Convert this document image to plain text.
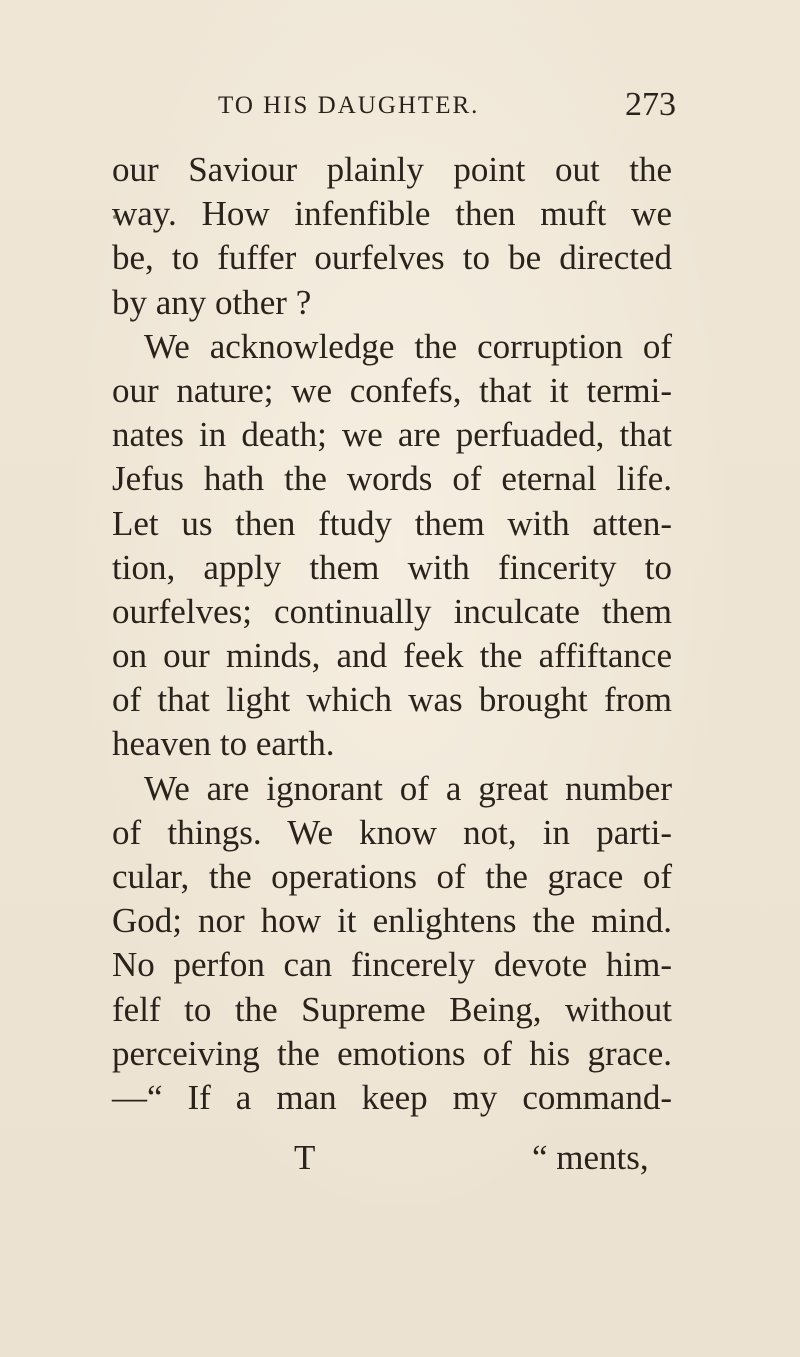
TO HIS DAUGHTER.	273
our Saviour plainly point out the
way. How infenfible then muft we
be, to fuffer ourfelves to be directed
by any other ?
We acknowledge the corruption of
our nature; we confefs, that it termi-
nates in death; we are perfuaded, that
Jefus hath the words of eternal life.
Let us then ftudy them with atten-
tion, apply them with fincerity to
ourfelves; continually inculcate them
on our minds, and feek the affiftance
of that light which was brought from
heaven to earth.
We are ignorant of a great number
of things. We know not, in parti-
cular, the operations of the grace of
God; nor how it enlightens the mind.
No perfon can fincerely devote him-
felf to the Supreme Being, without
perceiving the emotions of his grace.
—“ If a man keep my command-
T	“ ments,
